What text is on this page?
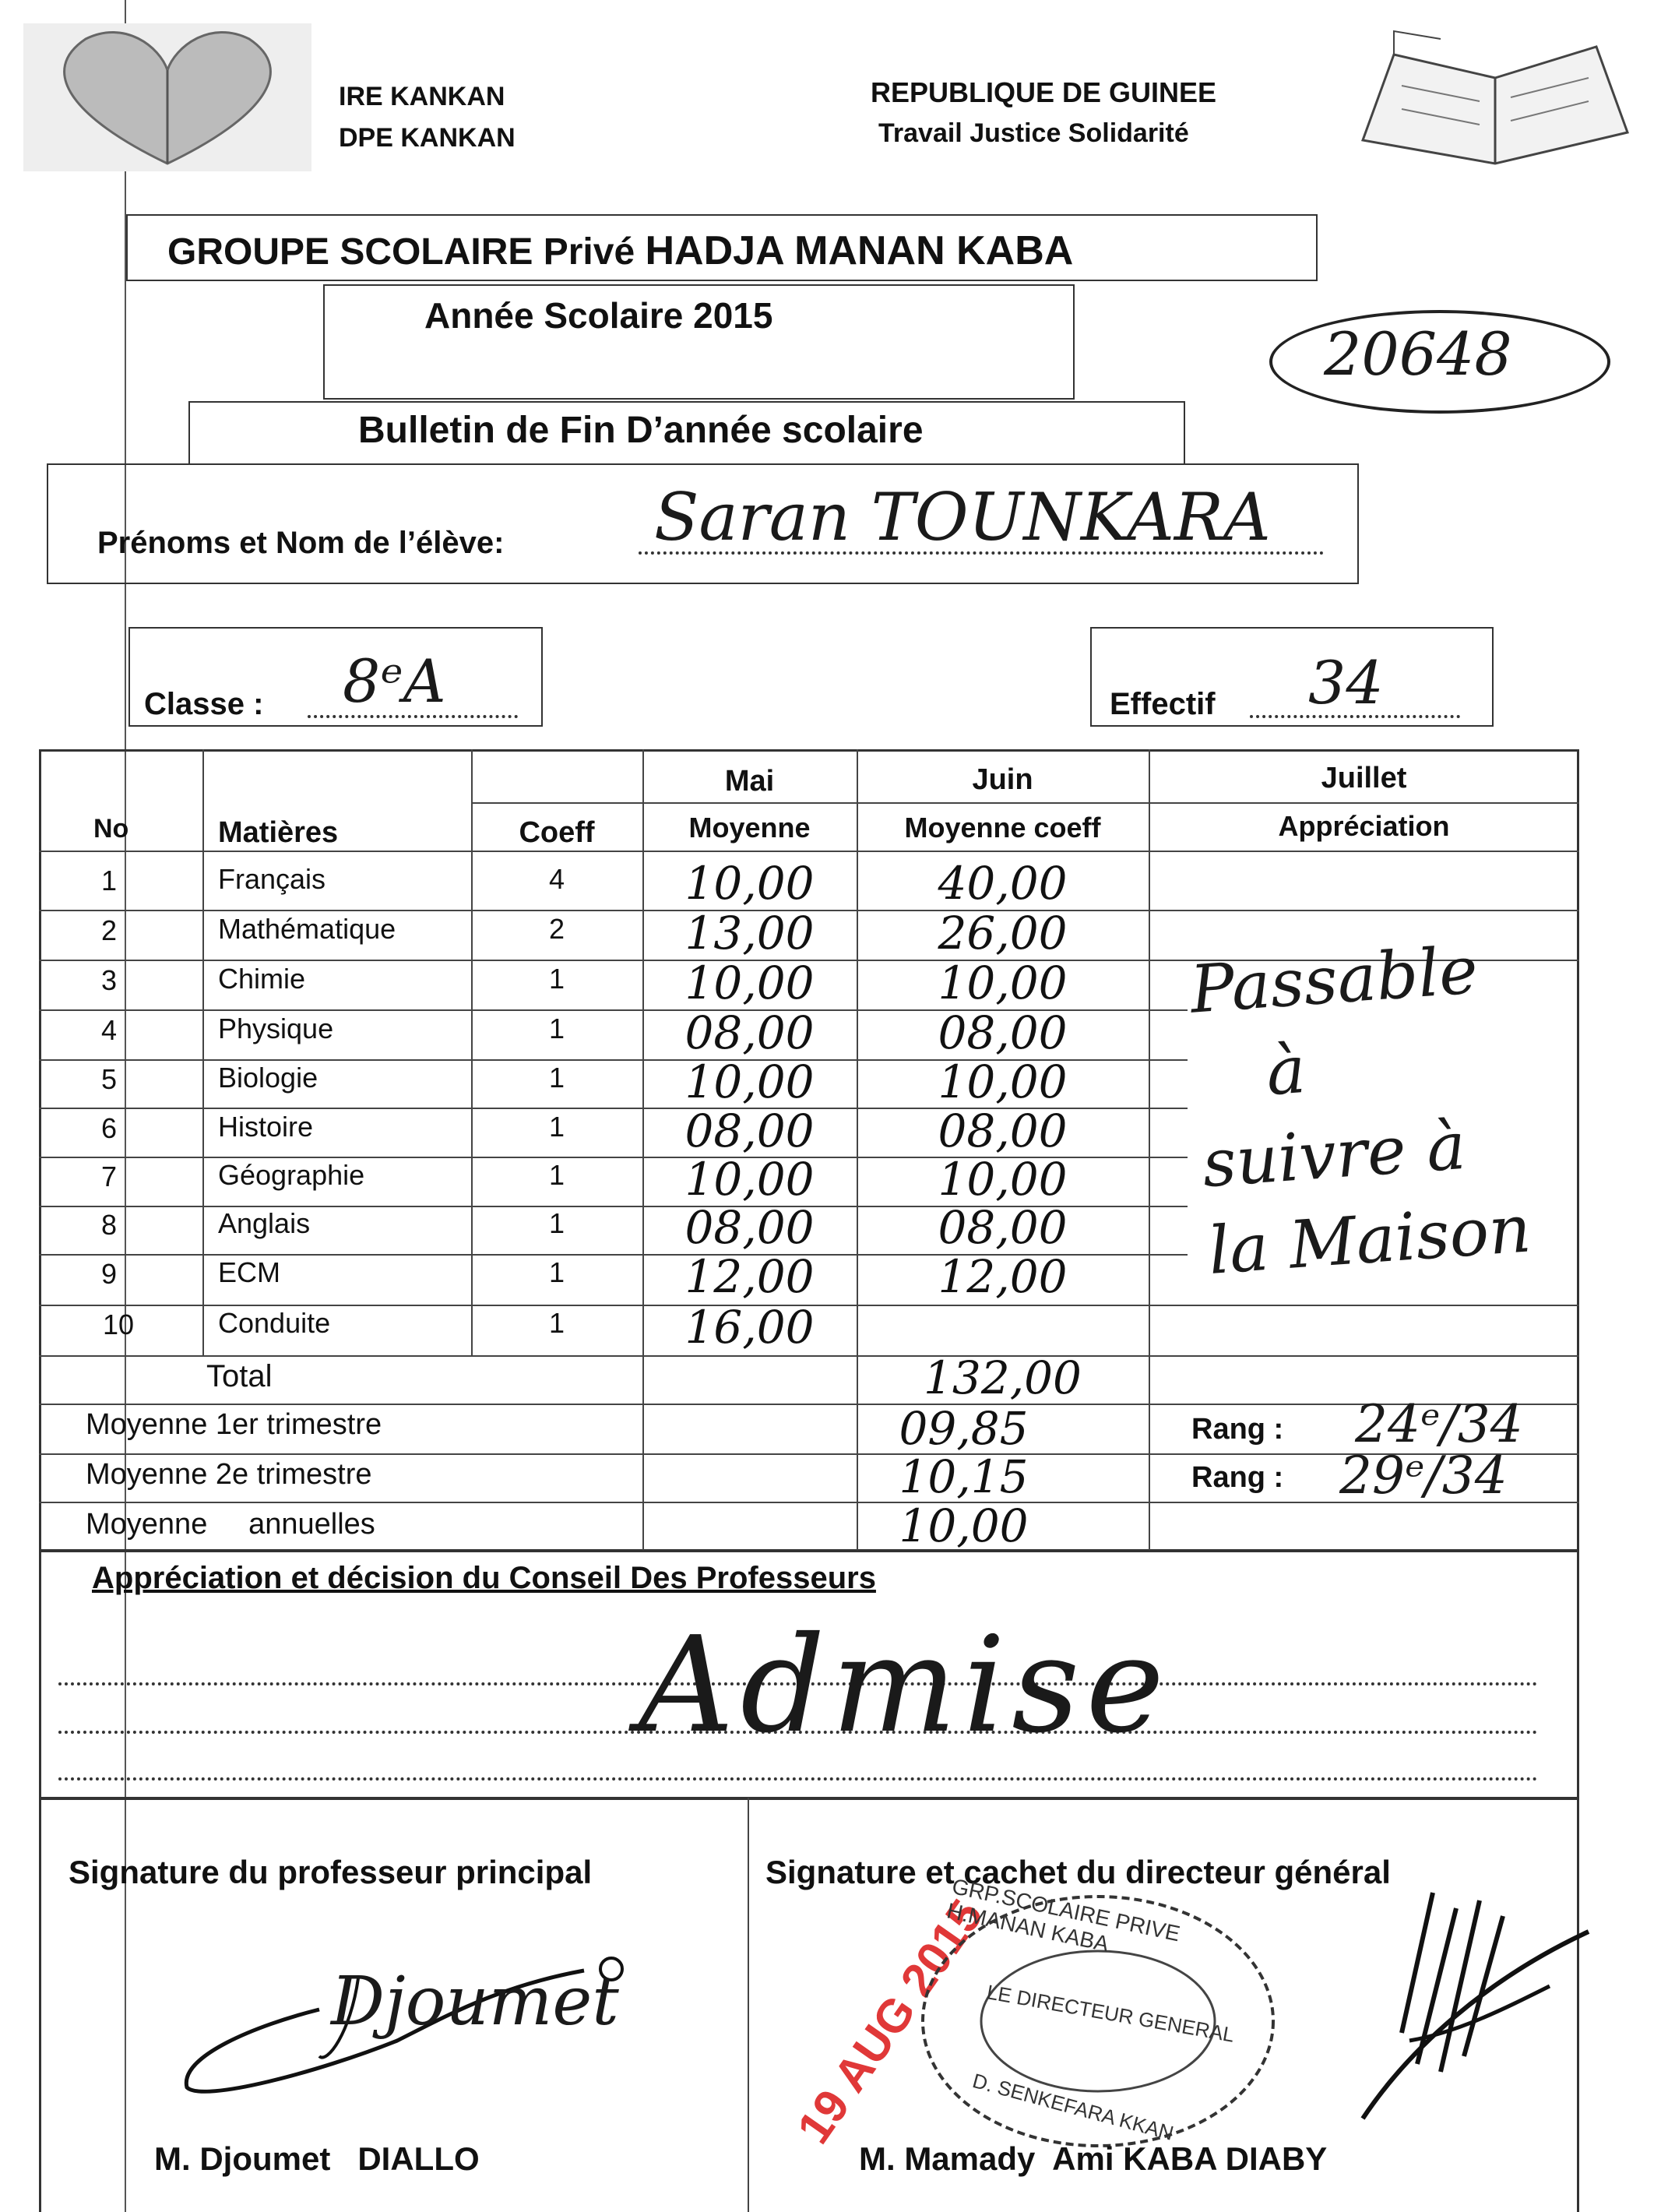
IRE KANKAN
DPE KANKAN
REPUBLIQUE DE GUINEE
Travail Justice Solidarité
GROUPE SCOLAIRE Privé HADJA MANAN KABA
Année Scolaire 2015
20648
Bulletin de Fin D’année scolaire
Prénoms et Nom de l’élève: Saran TOUNKARA
Classe : 8ᵉA	Effectif 34
Mai	Juin	Juillet
No	Matières	Coeff	Moyenne	Moyenne coeff	Appréciation
1	Français	4	10,00	40,00
2	Mathématique	2	13,00	26,00
3	Chimie	1	10,00	10,00
4	Physique	1	08,00	08,00
5	Biologie	1	10,00	10,00
6	Histoire	1	08,00	08,00
7	Géographie	1	10,00	10,00
8	Anglais	1	08,00	08,00
9	ECM	1	12,00	12,00
10	Conduite	1	16,00
Passable
à
suivre à
la Maison
Total	132,00
Moyenne 1er trimestre	09,85	Rang : 24ᵉ/34
Moyenne 2e trimestre	10,15	Rang : 29ᵉ/34
Moyenne     annuelles	10,00
Appréciation et décision du Conseil Des Professeurs
Admise
Signature du professeur principal	Signature et cachet du directeur général
Djoumet	19 AUG 2015
GRP.SCOLAIRE PRIVE H.MANAN KABA
LE DIRECTEUR GENERAL
D. SENKEFARA KKAN
M. Djoumet   DIALLO	M. Mamady  Ami KABA DIABY
